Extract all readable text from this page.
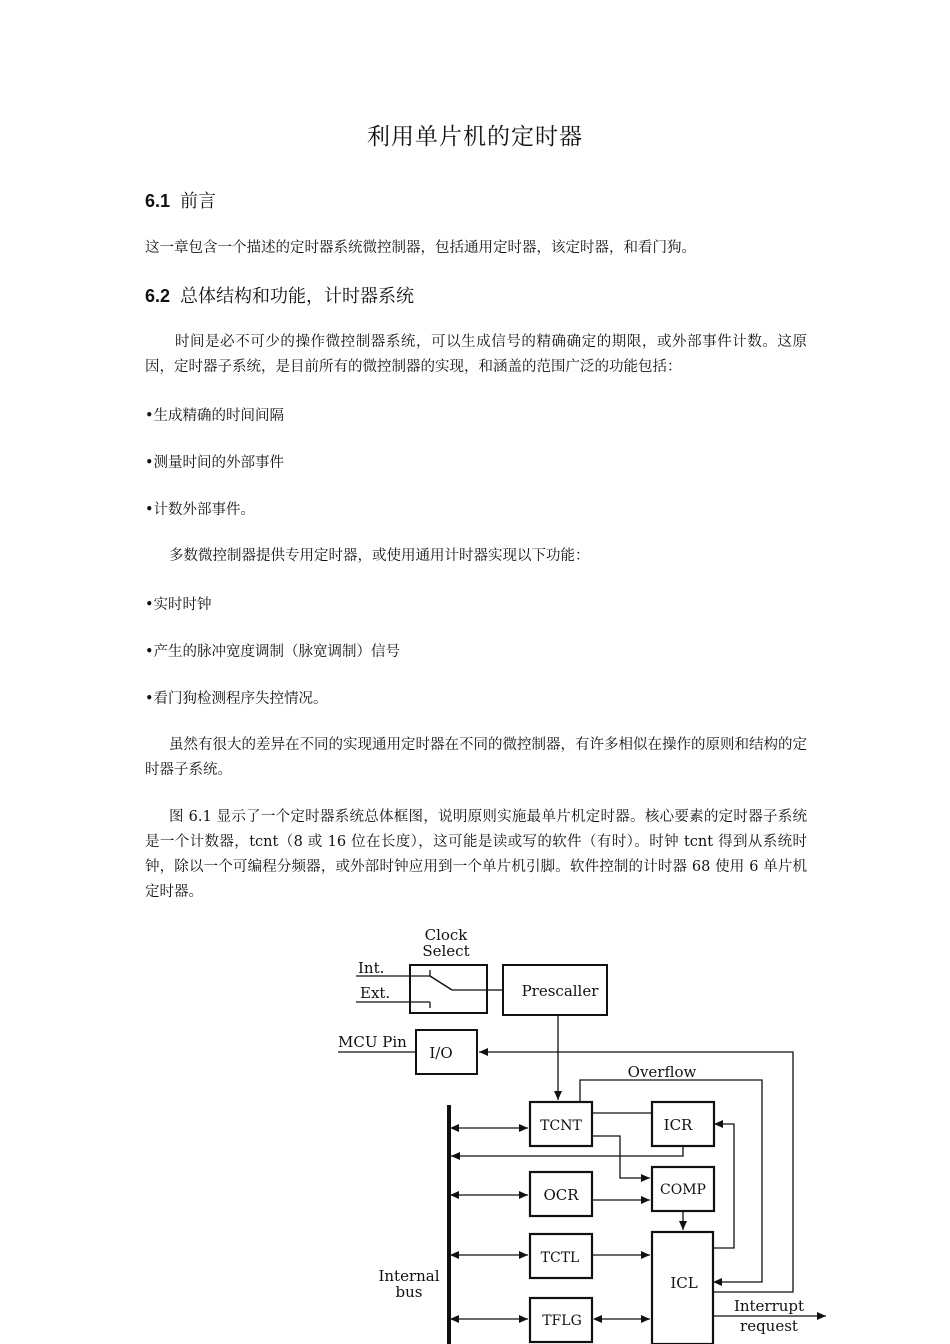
利用单片机的定时器
6.1 前言
这一章包含一个描述的定时器系统微控制器，包括通用定时器，该定时器，和看门狗。
6.2 总体结构和功能，计时器系统
时间是必不可少的操作微控制器系统，可以生成信号的精确确定的期限，或外部事件计数。这原因，定时器子系统，是目前所有的微控制器的实现，和涵盖的范围广泛的功能包括：
•生成精确的时间间隔
•测量时间的外部事件
•计数外部事件。
多数微控制器提供专用定时器，或使用通用计时器实现以下功能：
•实时时钟
•产生的脉冲宽度调制（脉宽调制）信号
•看门狗检测程序失控情况。
虽然有很大的差异在不同的实现通用定时器在不同的微控制器，有许多相似在操作的原则和结构的定时器子系统。
图 6.1 显示了一个定时器系统总体框图，说明原则实施最单片机定时器。核心要素的定时器子系统是一个计数器，tcnt（8 或 16 位在长度），这可能是读或写的软件（有时）。时钟 tcnt 得到从系统时钟，除以一个可编程分频器，或外部时钟应用到一个单片机引脚。软件控制的计时器 68 使用 6 单片机定时器。
Clock
Select
Int.
Ext.	Prescaller
MCU Pin
I/O
Overflow
TCNT	ICR
OCR	COMP
TCTL
ICL
TFLG
Internal
bus
Interrupt
request
